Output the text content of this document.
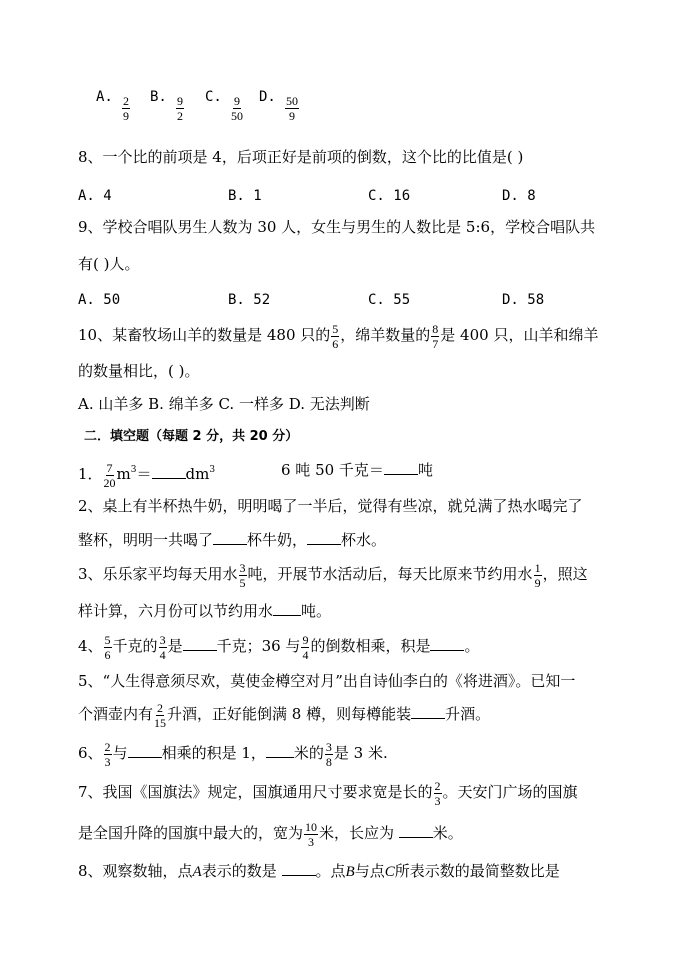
A. $\frac{2}{9} B$. $\frac{9}{2} C$. $\frac{9}{50} D$. $\frac{50}{9}$
8、一个比的前项是 4，后项正好是前项的倒数，这个比的比值是( )
A. 4	B. 1	C. 16	D. 8
9、学校合唱队男生人数为 30 人，女生与男生的人数比是 5:6，学校合唱队共
有( )人。
A. 50	B. 52	C. 55	D. 58
10、某畜牧场山羊的数量是 480 只的 $\frac{5}{6}$ ，绵羊数量的 $\frac{8}{7}$ 是 400 只，山羊和绵羊
的数量相比，( )。
A. 山羊多 B. 绵羊多 C. 一样多 D. 无法判断
二．填空题（每题 2 分，共 20 分）
1． $\frac{7}{20} m^3= dm^3$	6 吨 50 千克＝ 吨
2、桌上有半杯热牛奶，明明喝了一半后，觉得有些凉，就兑满了热水喝完了
整杯，明明一共喝了 杯牛奶， 杯水。
3、乐乐家平均每天用水 $\frac{3}{5}$ 吨，开展节水活动后，每天比原来节约用水 $\frac{1}{9}$ ，照这
样计算，六月份可以节约用水 吨。
4、 $\frac{5}{6}$ 千克的 $\frac{3}{4}$ 是 千克；36 与 $\frac{9}{4}$ 的倒数相乘，积是 。
5、“人生得意须尽欢，莫使金樽空对月”出自诗仙李白的《将进酒》。已知一
个酒壶内有 $\frac{2}{15}$ 升酒，正好能倒满 8 樽，则每樽能装 升酒。
6、 $\frac{2}{3}$ 与 相乘的积是 1， 米的 $\frac{3}{8}$ 是 3 米.
7、我国《国旗法》规定，国旗通用尺寸要求宽是长的 $\frac{2}{3}$ 。天安门广场的国旗
是全国升降的国旗中最大的，宽为 $\frac{10}{3}$ 米，长应为 米。
8、观察数轴，点A表示的数是 。点B与点C所表示数的最简整数比是
